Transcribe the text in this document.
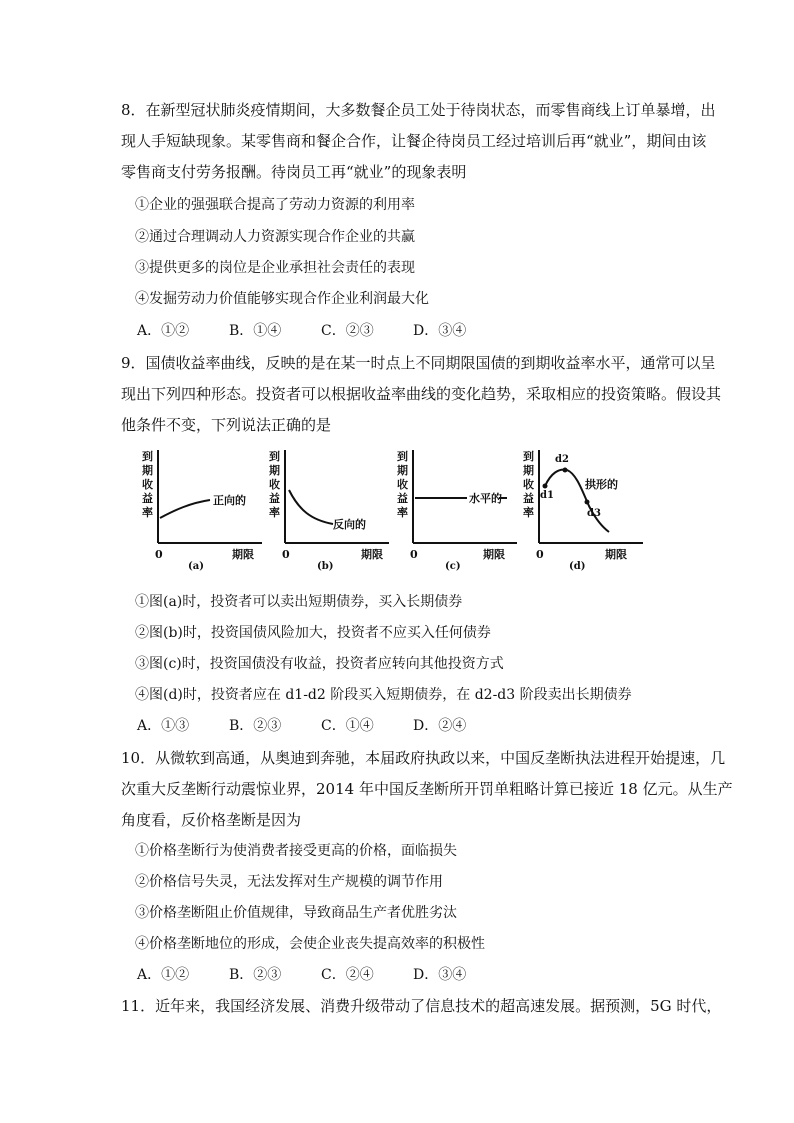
8．在新型冠状肺炎疫情期间，大多数餐企员工处于待岗状态，而零售商线上订单暴增，出
现人手短缺现象。某零售商和餐企合作，让餐企待岗员工经过培训后再“就业”，期间由该
零售商支付劳务报酬。待岗员工再“就业”的现象表明
①企业的强强联合提高了劳动力资源的利用率
②通过合理调动人力资源实现合作企业的共赢
③提供更多的岗位是企业承担社会责任的表现
④发掘劳动力价值能够实现合作企业利润最大化
A．①②	B．①④	C．②③	D．③④
9．国债收益率曲线，反映的是在某一时点上不同期限国债的到期收益率水平，通常可以呈
现出下列四种形态。投资者可以根据收益率曲线的变化趋势，采取相应的投资策略。假设其
他条件不变，下列说法正确的是
到
期
收
益
率
正向的
0	期限
(a)
到
期
收
益
率
反向的
0	期限
(b)
到
期
收
益
率
水平的
0	期限
(c)
到
期
收
益
率
d1
d2
d3
拱形的
0	期限
(d)
①图(a)时，投资者可以卖出短期债券，买入长期债券
②图(b)时，投资国债风险加大，投资者不应买入任何债券
③图(c)时，投资国债没有收益，投资者应转向其他投资方式
④图(d)时，投资者应在 d1-d2 阶段买入短期债券，在 d2-d3 阶段卖出长期债券
A．①③	B．②③	C．①④	D．②④
10．从微软到高通，从奥迪到奔驰，本届政府执政以来，中国反垄断执法进程开始提速，几
次重大反垄断行动震惊业界，2014 年中国反垄断所开罚单粗略计算已接近 18 亿元。从生产
角度看，反价格垄断是因为
①价格垄断行为使消费者接受更高的价格，面临损失
②价格信号失灵，无法发挥对生产规模的调节作用
③价格垄断阻止价值规律，导致商品生产者优胜劣汰
④价格垄断地位的形成，会使企业丧失提高效率的积极性
A．①②	B．②③	C．②④	D．③④
11．近年来，我国经济发展、消费升级带动了信息技术的超高速发展。据预测，5G 时代，
